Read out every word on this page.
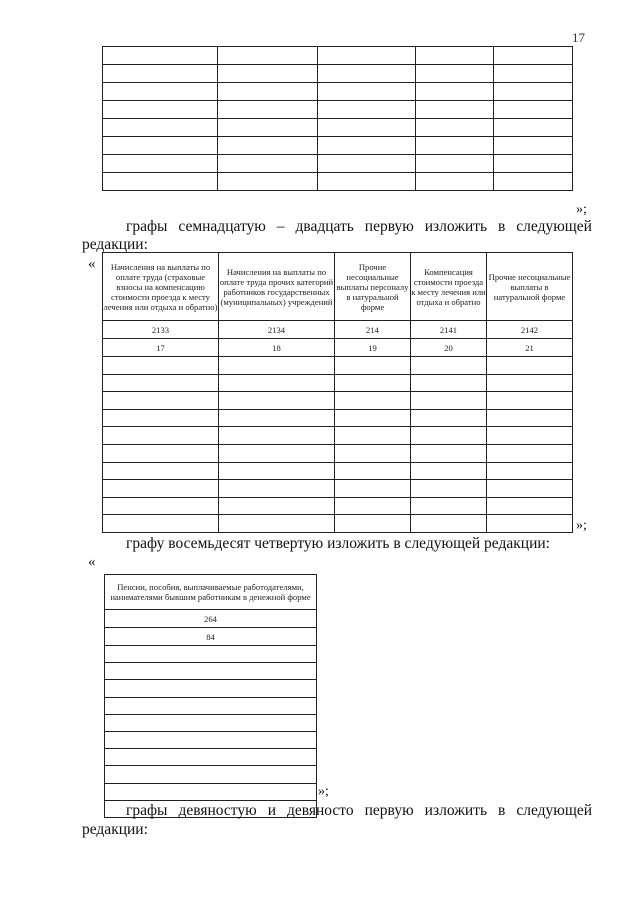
17

»;
графы семнадцатую – двадцать первую изложить в следующей
редакции:
« Начисления на выплаты по оплате труда (страховые взносы на компенсацию стоимости проезда к месту лечения или отдыха и обратно)	Начисления на выплаты по оплате труда прочих категорий работников государственных (муниципальных) учреждений	Прочие несоциальные выплаты персоналу в натуральной форме	Компенсация стоимости проезда к месту лечения или отдыха и обратно	Прочие несоциальные выплаты в натуральной форме
2133	2134	214	2141	2142
17	18	19	20	21

»;
графу восемьдесят четвертую изложить в следующей редакции:
«
Пенсии, пособия, выплачиваемые работодателями, нанимателями бывшим работникам в денежной форме
264
84

»;
графы девяностую и девяносто первую изложить в следующей
редакции:
